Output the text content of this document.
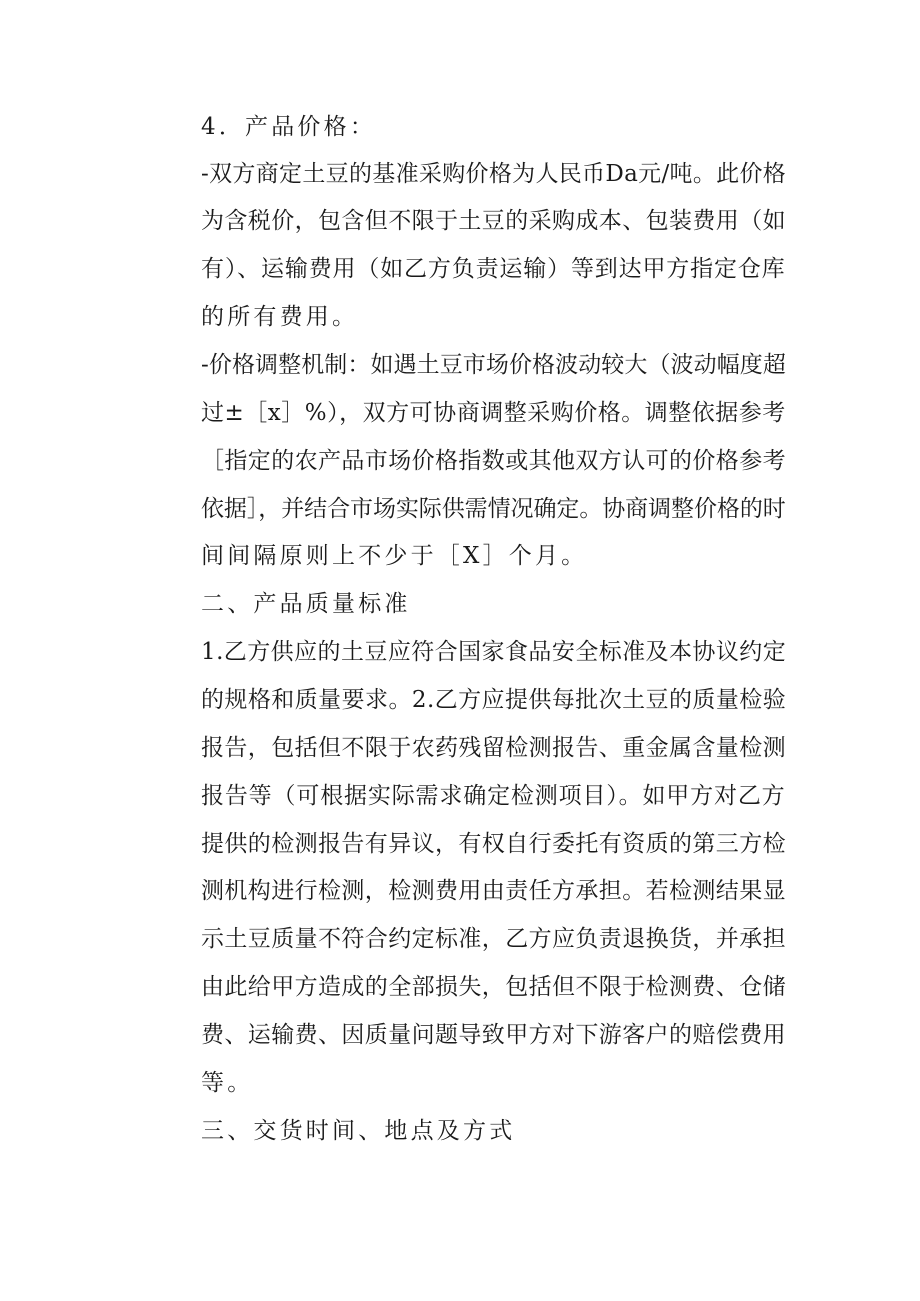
4．产品价格：
-双方商定土豆的基准采购价格为人民币Da元/吨。此价格
为含税价，包含但不限于土豆的采购成本、包装费用（如
有）、运输费用（如乙方负责运输）等到达甲方指定仓库
的所有费用。
-价格调整机制：如遇土豆市场价格波动较大（波动幅度超
过±［x］%），双方可协商调整采购价格。调整依据参考
［指定的农产品市场价格指数或其他双方认可的价格参考
依据］，并结合市场实际供需情况确定。协商调整价格的时
间间隔原则上不少于［X］个月。
二、产品质量标准
1.乙方供应的土豆应符合国家食品安全标准及本协议约定
的规格和质量要求。2.乙方应提供每批次土豆的质量检验
报告，包括但不限于农药残留检测报告、重金属含量检测
报告等（可根据实际需求确定检测项目）。如甲方对乙方
提供的检测报告有异议，有权自行委托有资质的第三方检
测机构进行检测，检测费用由责任方承担。若检测结果显
示土豆质量不符合约定标准，乙方应负责退换货，并承担
由此给甲方造成的全部损失，包括但不限于检测费、仓储
费、运输费、因质量问题导致甲方对下游客户的赔偿费用
等。
三、交货时间、地点及方式
